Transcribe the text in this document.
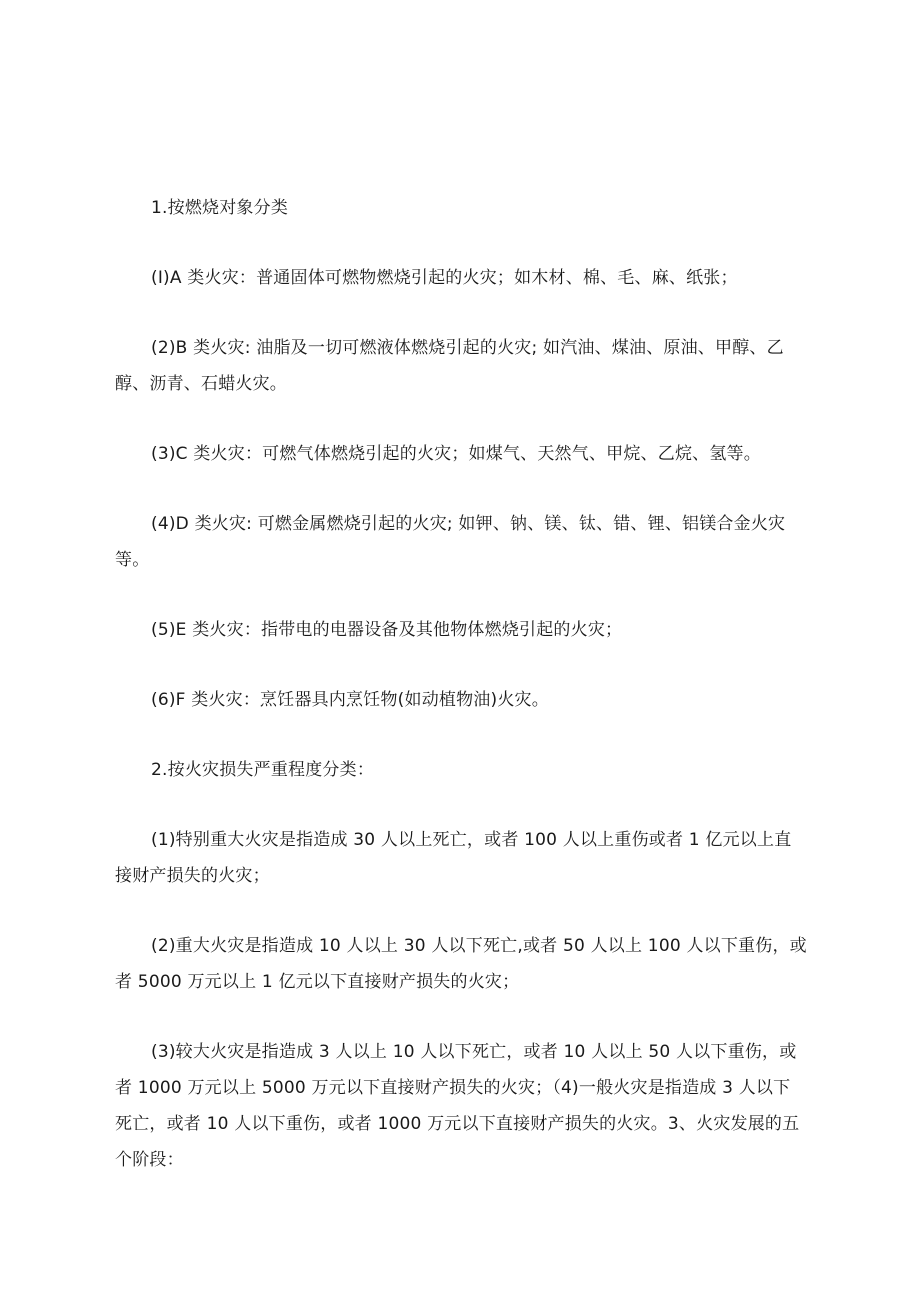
1.按燃烧对象分类

(I)A 类火灾：普通固体可燃物燃烧引起的火灾；如木材、棉、毛、麻、纸张；

(2)B 类火灾: 油脂及一切可燃液体燃烧引起的火灾; 如汽油、煤油、原油、甲醇、乙醇、沥青、石蜡火灾。

(3)C 类火灾：可燃气体燃烧引起的火灾；如煤气、天然气、甲烷、乙烷、氢等。

(4)D 类火灾: 可燃金属燃烧引起的火灾; 如钾、钠、镁、钛、错、锂、铝镁合金火灾等。

(5)E 类火灾：指带电的电器设备及其他物体燃烧引起的火灾；

(6)F 类火灾：烹饪器具内烹饪物(如动植物油)火灾。

2.按火灾损失严重程度分类：

(1)特别重大火灾是指造成 30 人以上死亡，或者 100 人以上重伤或者 1 亿元以上直接财产损失的火灾；

(2)重大火灾是指造成 10 人以上 30 人以下死亡,或者 50 人以上 100 人以下重伤，或者 5000 万元以上 1 亿元以下直接财产损失的火灾；

(3)较大火灾是指造成 3 人以上 10 人以下死亡，或者 10 人以上 50 人以下重伤，或者 1000 万元以上 5000 万元以下直接财产损失的火灾；（4)一般火灾是指造成 3 人以下死亡，或者 10 人以下重伤，或者 1000 万元以下直接财产损失的火灾。3、火灾发展的五个阶段：
